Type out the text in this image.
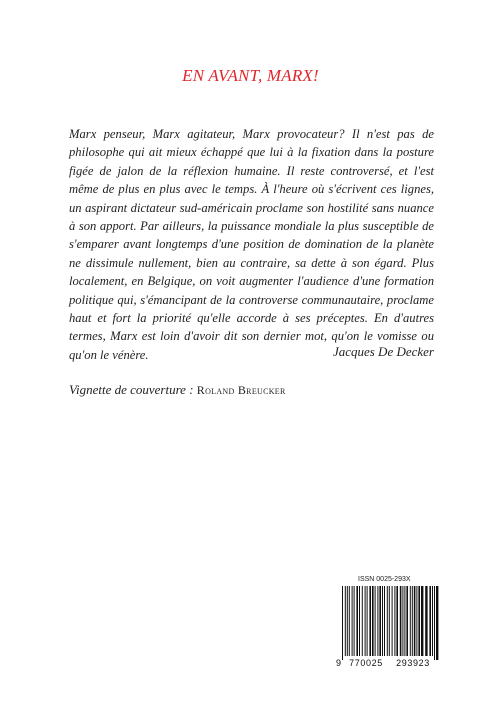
EN AVANT, MARX!

Marx penseur, Marx agitateur, Marx provocateur? Il n'est pas de philosophe qui ait mieux échappé que lui à la fixation dans la posture figée de jalon de la réflexion humaine. Il reste controversé, et l'est même de plus en plus avec le temps. À l'heure où s'écrivent ces lignes, un aspirant dictateur sud-américain proclame son hostilité sans nuance à son apport. Par ailleurs, la puissance mondiale la plus susceptible de s'emparer avant longtemps d'une position de domination de la planète ne dissimule nullement, bien au contraire, sa dette à son égard. Plus localement, en Belgique, on voit augmenter l'audience d'une formation politique qui, s'émancipant de la controverse communautaire, proclame haut et fort la priorité qu'elle accorde à ses préceptes. En d'autres termes, Marx est loin d'avoir dit son dernier mot, qu'on le vomisse ou qu'on le vénère.	Jacques De Decker
Vignette de couverture : Roland Breucker
ISSN 0025-293X
9 770025 293923
